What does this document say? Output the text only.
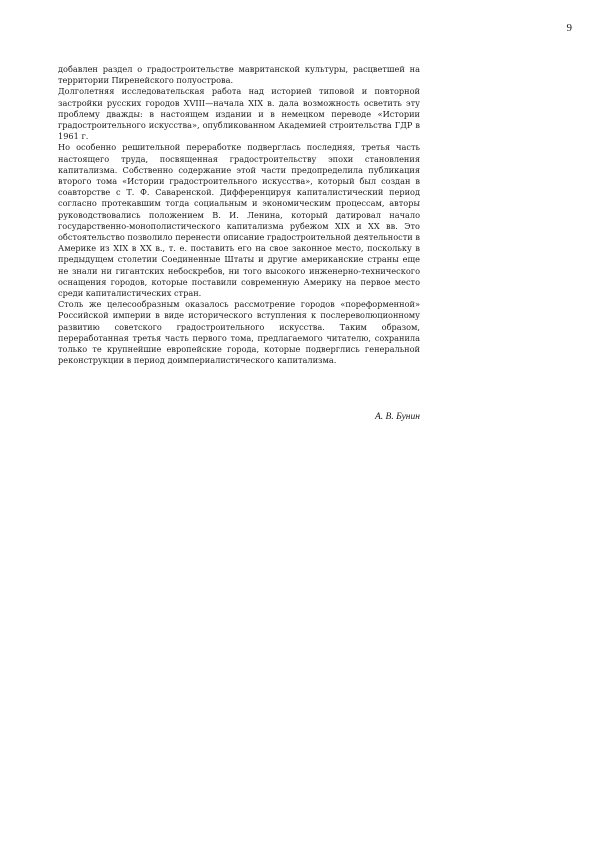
9

добавлен раздел о градостроительстве мавританской культуры, расцветшей на территории Пиренейского полуострова.

Долголетняя исследовательская работа над историей типовой и повторной застройки русских городов XVIII—начала XIX в. дала возможность осветить эту проблему дважды: в настоящем издании и в немецком переводе «Истории градостроительного искусства», опубликованном Академией строительства ГДР в 1961 г.

Но особенно решительной переработке подверглась последняя, третья часть настоящего труда, посвященная градостроительству эпохи становления капитализма. Собственно содержание этой части предопределила публикация второго тома «Истории градостроительного искусства», который был создан в соавторстве с Т. Ф. Саваренской. Дифференцируя капиталистический период согласно протекавшим тогда социальным и экономическим процессам, авторы руководствовались положением В. И. Ленина, который датировал начало государственно-монополистического капитализма рубежом XIX и XX вв. Это обстоятельство позволило перенести описание градостроительной деятельности в Америке из XIX в XX в., т. е. поставить его на свое законное место, поскольку в предыдущем столетии Соединенные Штаты и другие американские страны еще не знали ни гигантских небоскребов, ни того высокого инженерно-технического оснащения городов, которые поставили современную Америку на первое место среди капиталистических стран.

Столь же целесообразным оказалось рассмотрение городов «пореформенной» Российской империи в виде исторического вступления к послереволюционному развитию советского градостроительного искусства. Таким образом, переработанная третья часть первого тома, предлагаемого читателю, сохранила только те крупнейшие европейские города, которые подверглись генеральной реконструкции в период доимпериалистического капитализма.

А. В. Бунин
